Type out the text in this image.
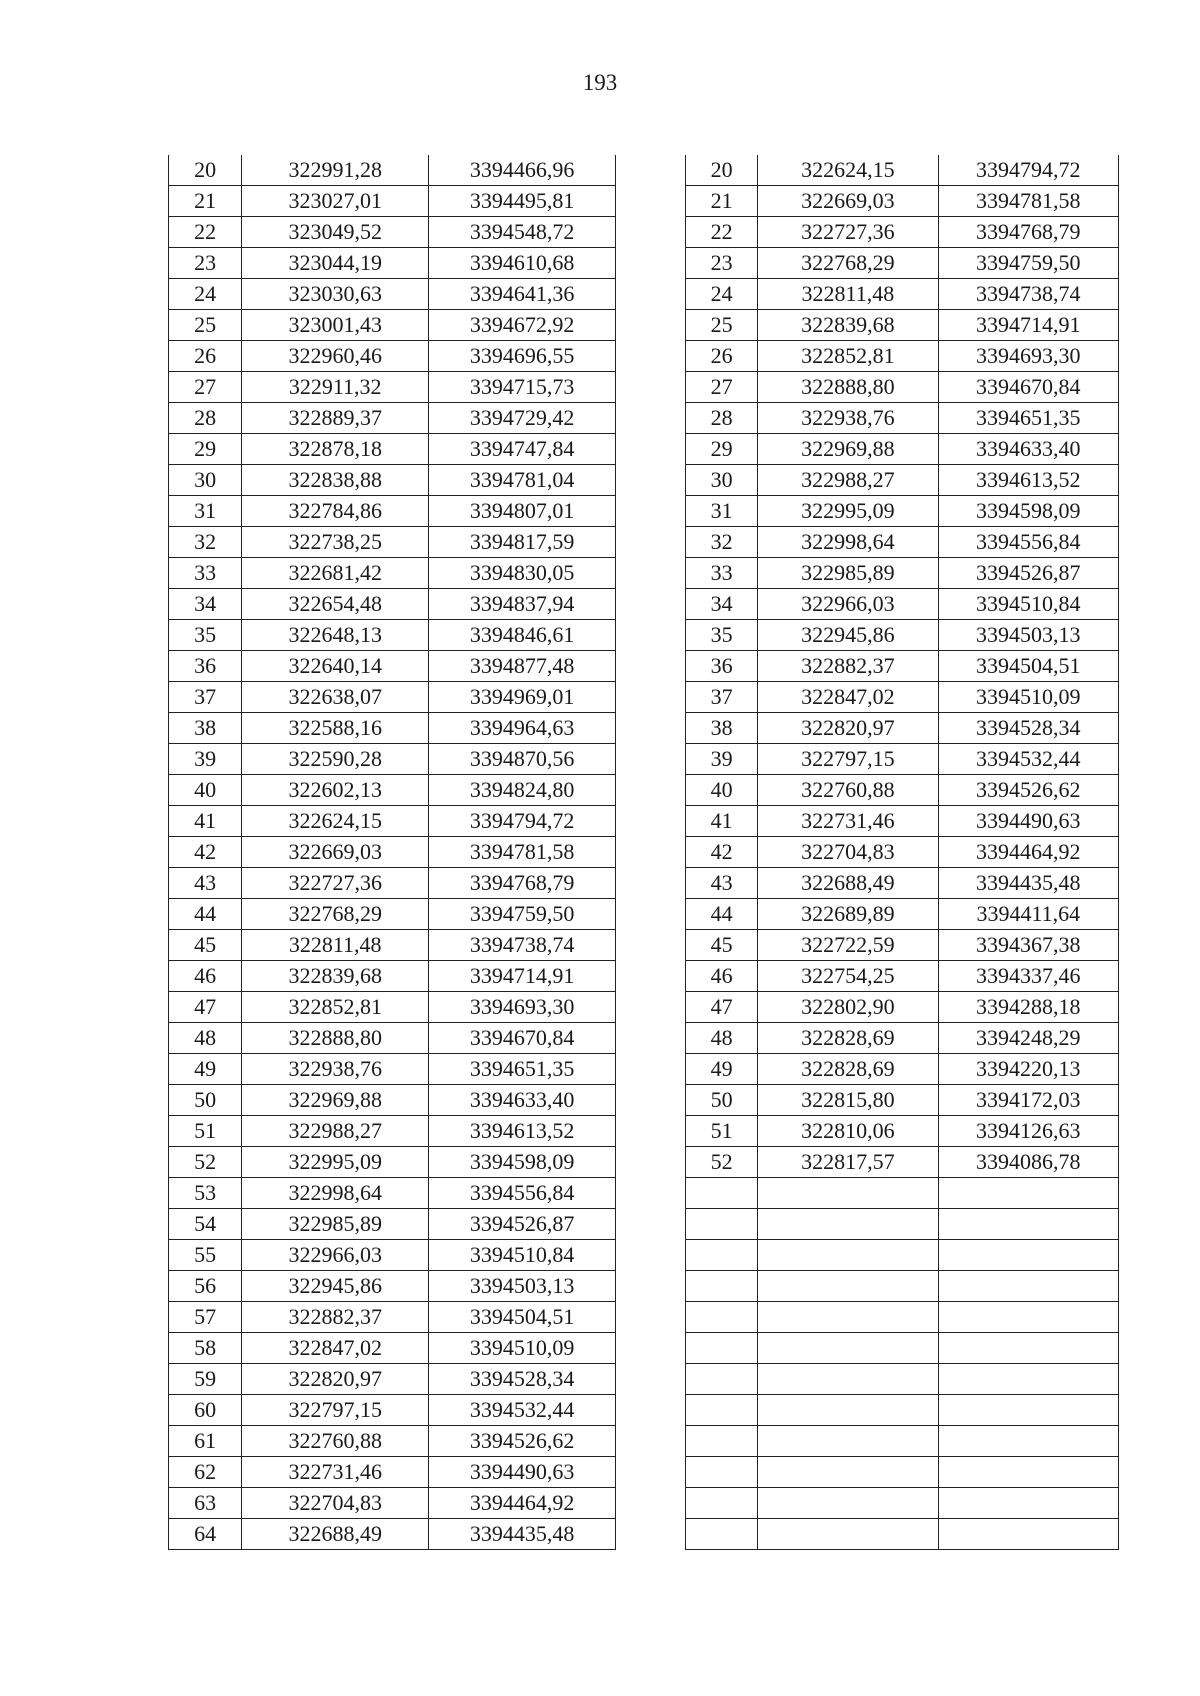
193
20	322991,28	3394466,96
21	323027,01	3394495,81
22	323049,52	3394548,72
23	323044,19	3394610,68
24	323030,63	3394641,36
25	323001,43	3394672,92
26	322960,46	3394696,55
27	322911,32	3394715,73
28	322889,37	3394729,42
29	322878,18	3394747,84
30	322838,88	3394781,04
31	322784,86	3394807,01
32	322738,25	3394817,59
33	322681,42	3394830,05
34	322654,48	3394837,94
35	322648,13	3394846,61
36	322640,14	3394877,48
37	322638,07	3394969,01
38	322588,16	3394964,63
39	322590,28	3394870,56
40	322602,13	3394824,80
41	322624,15	3394794,72
42	322669,03	3394781,58
43	322727,36	3394768,79
44	322768,29	3394759,50
45	322811,48	3394738,74
46	322839,68	3394714,91
47	322852,81	3394693,30
48	322888,80	3394670,84
49	322938,76	3394651,35
50	322969,88	3394633,40
51	322988,27	3394613,52
52	322995,09	3394598,09
53	322998,64	3394556,84
54	322985,89	3394526,87
55	322966,03	3394510,84
56	322945,86	3394503,13
57	322882,37	3394504,51
58	322847,02	3394510,09
59	322820,97	3394528,34
60	322797,15	3394532,44
61	322760,88	3394526,62
62	322731,46	3394490,63
63	322704,83	3394464,92
64	322688,49	3394435,48
20	322624,15	3394794,72
21	322669,03	3394781,58
22	322727,36	3394768,79
23	322768,29	3394759,50
24	322811,48	3394738,74
25	322839,68	3394714,91
26	322852,81	3394693,30
27	322888,80	3394670,84
28	322938,76	3394651,35
29	322969,88	3394633,40
30	322988,27	3394613,52
31	322995,09	3394598,09
32	322998,64	3394556,84
33	322985,89	3394526,87
34	322966,03	3394510,84
35	322945,86	3394503,13
36	322882,37	3394504,51
37	322847,02	3394510,09
38	322820,97	3394528,34
39	322797,15	3394532,44
40	322760,88	3394526,62
41	322731,46	3394490,63
42	322704,83	3394464,92
43	322688,49	3394435,48
44	322689,89	3394411,64
45	322722,59	3394367,38
46	322754,25	3394337,46
47	322802,90	3394288,18
48	322828,69	3394248,29
49	322828,69	3394220,13
50	322815,80	3394172,03
51	322810,06	3394126,63
52	322817,57	3394086,78
